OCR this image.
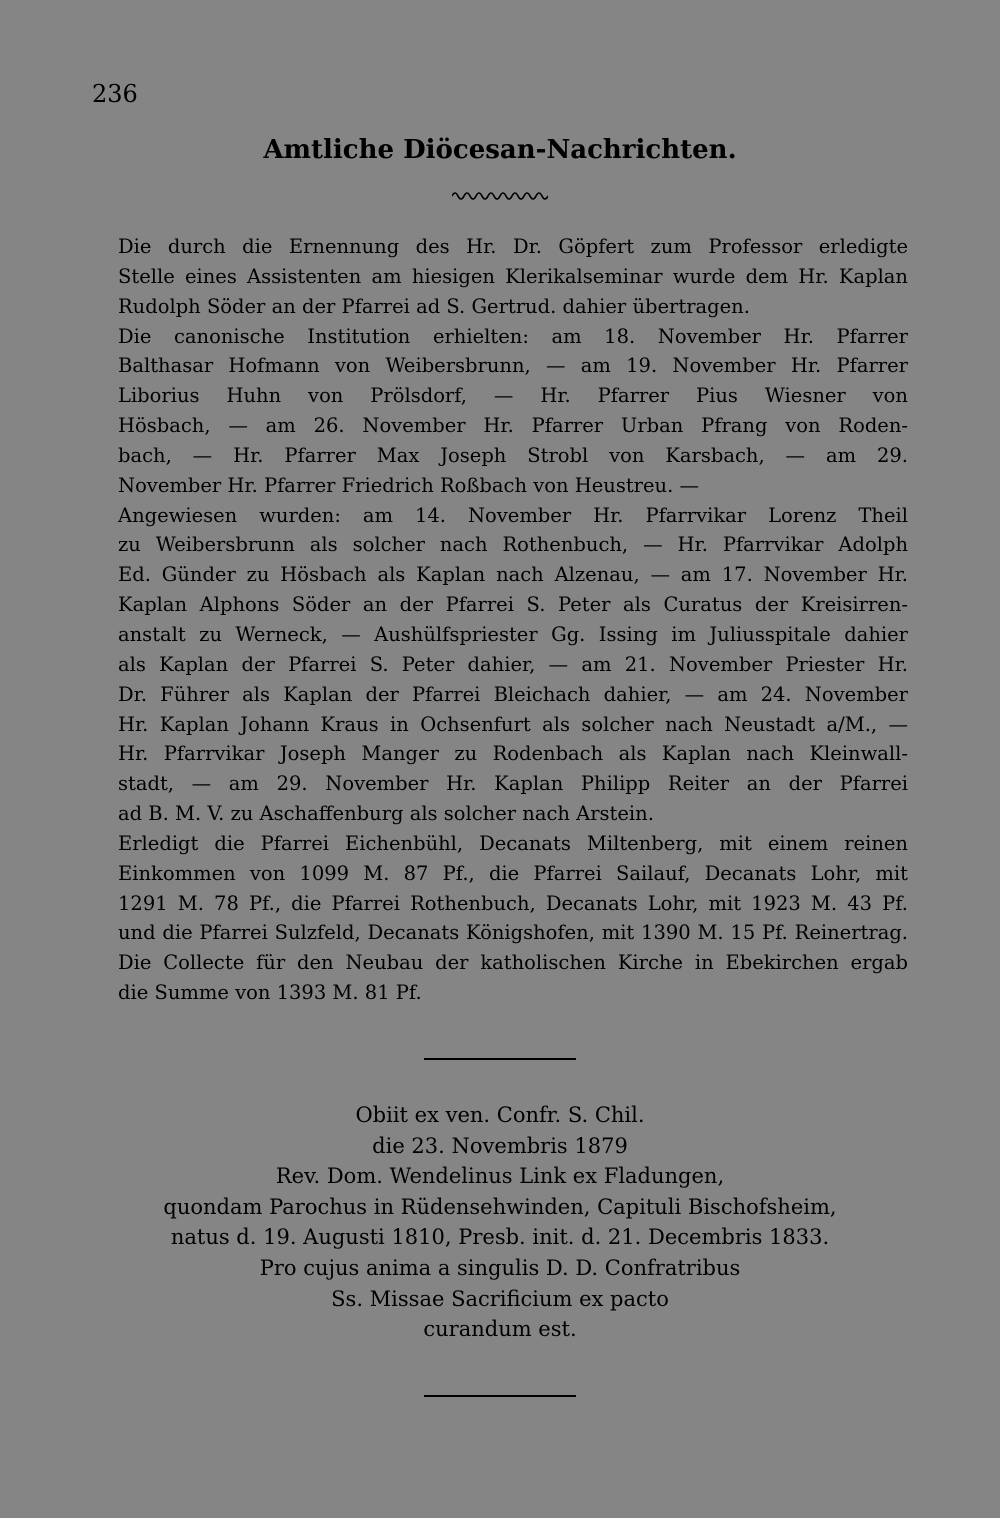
236
Amtliche Diöcesan-Nachrichten.

Die durch die Ernennung des Hr. Dr. Göpfert zum Professor erledigte
Stelle eines Assistenten am hiesigen Klerikalseminar wurde dem Hr. Kaplan
Rudolph Söder an der Pfarrei ad S. Gertrud. dahier übertragen.

Die canonische Institution erhielten: am 18. November Hr. Pfarrer
Balthasar Hofmann von Weibersbrunn, — am 19. November Hr. Pfarrer
Liborius Huhn von Prölsdorf, — Hr. Pfarrer Pius Wiesner von
Hösbach, — am 26. November Hr. Pfarrer Urban Pfrang von Roden-
bach, — Hr. Pfarrer Max Joseph Strobl von Karsbach, — am 29.
November Hr. Pfarrer Friedrich Roßbach von Heustreu. —

Angewiesen wurden: am 14. November Hr. Pfarrvikar Lorenz Theil
zu Weibersbrunn als solcher nach Rothenbuch, — Hr. Pfarrvikar Adolph
Ed. Günder zu Hösbach als Kaplan nach Alzenau, — am 17. November Hr.
Kaplan Alphons Söder an der Pfarrei S. Peter als Curatus der Kreisirren-
anstalt zu Werneck, — Aushülfspriester Gg. Issing im Juliusspitale dahier
als Kaplan der Pfarrei S. Peter dahier, — am 21. November Priester Hr.
Dr. Führer als Kaplan der Pfarrei Bleichach dahier, — am 24. November
Hr. Kaplan Johann Kraus in Ochsenfurt als solcher nach Neustadt a/M., —
Hr. Pfarrvikar Joseph Manger zu Rodenbach als Kaplan nach Kleinwall-
stadt, — am 29. November Hr. Kaplan Philipp Reiter an der Pfarrei
ad B. M. V. zu Aschaffenburg als solcher nach Arstein.

Erledigt die Pfarrei Eichenbühl, Decanats Miltenberg, mit einem reinen
Einkommen von 1099 M. 87 Pf., die Pfarrei Sailauf, Decanats Lohr, mit
1291 M. 78 Pf., die Pfarrei Rothenbuch, Decanats Lohr, mit 1923 M. 43 Pf.
und die Pfarrei Sulzfeld, Decanats Königshofen, mit 1390 M. 15 Pf. Reinertrag.

Die Collecte für den Neubau der katholischen Kirche in Ebekirchen ergab
die Summe von 1393 M. 81 Pf.

Obiit ex ven. Confr. S. Chil.
die 23. Novembris 1879
Rev. Dom. Wendelinus Link ex Fladungen,
quondam Parochus in Rüdensehwinden, Capituli Bischofsheim,
natus d. 19. Augusti 1810, Presb. init. d. 21. Decembris 1833.
Pro cujus anima a singulis D. D. Confratribus
Ss. Missae Sacrificium ex pacto
curandum est.
